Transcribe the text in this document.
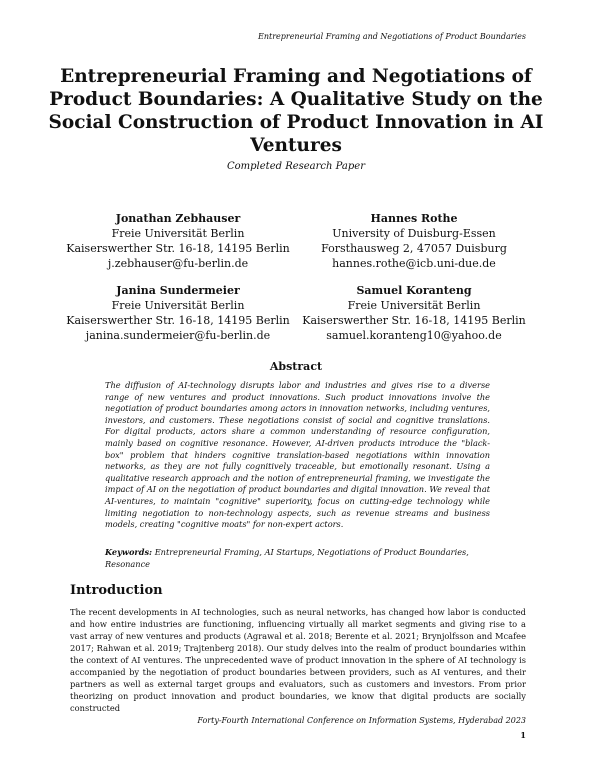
Entrepreneurial Framing and Negotiations of Product Boundaries
Entrepreneurial Framing and Negotiations of Product Boundaries: A Qualitative Study on the Social Construction of Product Innovation in AI Ventures
Completed Research Paper
Jonathan Zebhauser
Freie Universität Berlin
Kaiserswerther Str. 16-18, 14195 Berlin
j.zebhauser@fu-berlin.de
Hannes Rothe
University of Duisburg-Essen
Forsthausweg 2, 47057 Duisburg
hannes.rothe@icb.uni-due.de
Janina Sundermeier
Freie Universität Berlin
Kaiserswerther Str. 16-18, 14195 Berlin
janina.sundermeier@fu-berlin.de
Samuel Koranteng
Freie Universität Berlin
Kaiserswerther Str. 16-18, 14195 Berlin
samuel.koranteng10@yahoo.de
Abstract

The diffusion of AI-technology disrupts labor and industries and gives rise to a diverse range of new ventures and product innovations. Such product innovations involve the negotiation of product boundaries among actors in innovation networks, including ventures, investors, and customers. These negotiations consist of social and cognitive translations. For digital products, actors share a common understanding of resource configuration, mainly based on cognitive resonance. However, AI-driven products introduce the "black-box" problem that hinders cognitive translation-based negotiations within innovation networks, as they are not fully cognitively traceable, but emotionally resonant. Using a qualitative research approach and the notion of entrepreneurial framing, we investigate the impact of AI on the negotiation of product boundaries and digital innovation. We reveal that AI-ventures, to maintain "cognitive" superiority, focus on cutting-edge technology while limiting negotiation to non-technology aspects, such as revenue streams and business models, creating "cognitive moats" for non-expert actors.

Keywords: Entrepreneurial Framing, AI Startups, Negotiations of Product Boundaries, Resonance

Introduction

The recent developments in AI technologies, such as neural networks, has changed how labor is conducted and how entire industries are functioning, influencing virtually all market segments and giving rise to a vast array of new ventures and products (Agrawal et al. 2018; Berente et al. 2021; Brynjolfsson and Mcafee 2017; Rahwan et al. 2019; Trajtenberg 2018). Our study delves into the realm of product boundaries within the context of AI ventures. The unprecedented wave of product innovation in the sphere of AI technology is accompanied by the negotiation of product boundaries between providers, such as AI ventures, and their partners as well as external target groups and evaluators, such as customers and investors. From prior theorizing on product innovation and product boundaries, we know that digital products are socially constructed

Forty-Fourth International Conference on Information Systems, Hyderabad 2023
1
